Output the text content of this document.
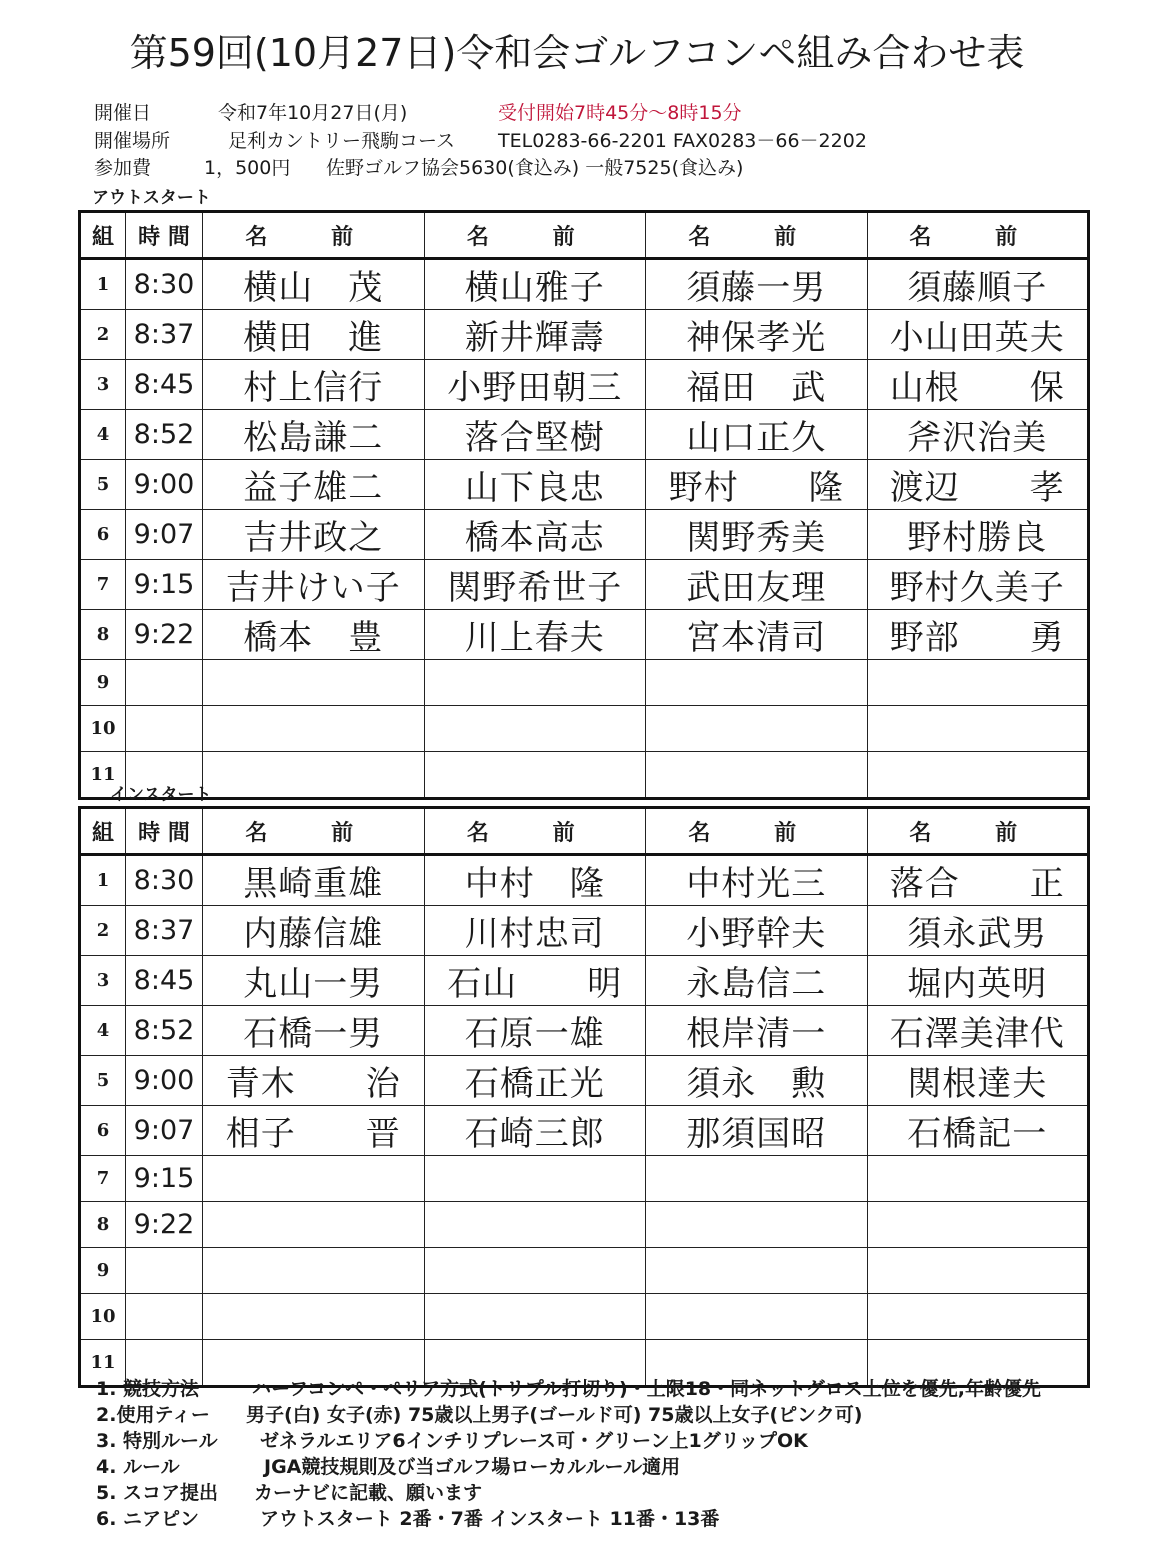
第59回(10月27日)令和会ゴルフコンペ組み合わせ表
開催日	令和7年10月27日(月)	受付開始7時45分～8時15分
開催場所	足利カントリー飛駒コース TEL0283-66-2201 FAX0283－66－2202
参加費	1，500円 佐野ゴルフ協会5630(食込み) 一般7525(食込み)
アウトスタート
組	時 間	名 前	名 前	名 前	名 前
1	8:30	横山　茂	横山雅子	須藤一男	須藤順子
2	8:37	横田　進	新井輝壽	神保孝光	小山田英夫
3	8:45	村上信行	小野田朝三	福田　武	山根　　保
4	8:52	松島謙二	落合堅樹	山口正久	斧沢治美
5	9:00	益子雄二	山下良忠	野村　　隆	渡辺　　孝
6	9:07	吉井政之	橋本高志	関野秀美	野村勝良
7	9:15	吉井けい子	関野希世子	武田友理	野村久美子
8	9:22	橋本　豊	川上春夫	宮本清司	野部　　勇
9					
10					
11					
インスタート
組	時 間	名 前	名 前	名 前	名 前
1	8:30	黒崎重雄	中村　隆	中村光三	落合　　正
2	8:37	内藤信雄	川村忠司	小野幹夫	須永武男
3	8:45	丸山一男	石山　　明	永島信二	堀内英明
4	8:52	石橋一男	石原一雄	根岸清一	石澤美津代
5	9:00	青木　　治	石橋正光	須永　勲	関根達夫
6	9:07	相子　　晋	石崎三郎	那須国昭	石橋記一
7	9:15				
8	9:22				
9					
10					
11					
1. 競技方法	ハーフコンペ・ペリア方式(トリプル打切り)・上限18・同ネットグロス上位を優先,年齢優先
2.使用ティー 男子(白) 女子(赤) 75歳以上男子(ゴールド可) 75歳以上女子(ピンク可)
3. 特別ルール ゼネラルエリア6インチリプレース可・グリーン上1グリップOK
4. ルール	JGA競技規則及び当ゴルフ場ローカルルール適用
5. スコア提出 カーナビに記載、願います
6. ニアピン	アウトスタート 2番・7番 インスタート 11番・13番
